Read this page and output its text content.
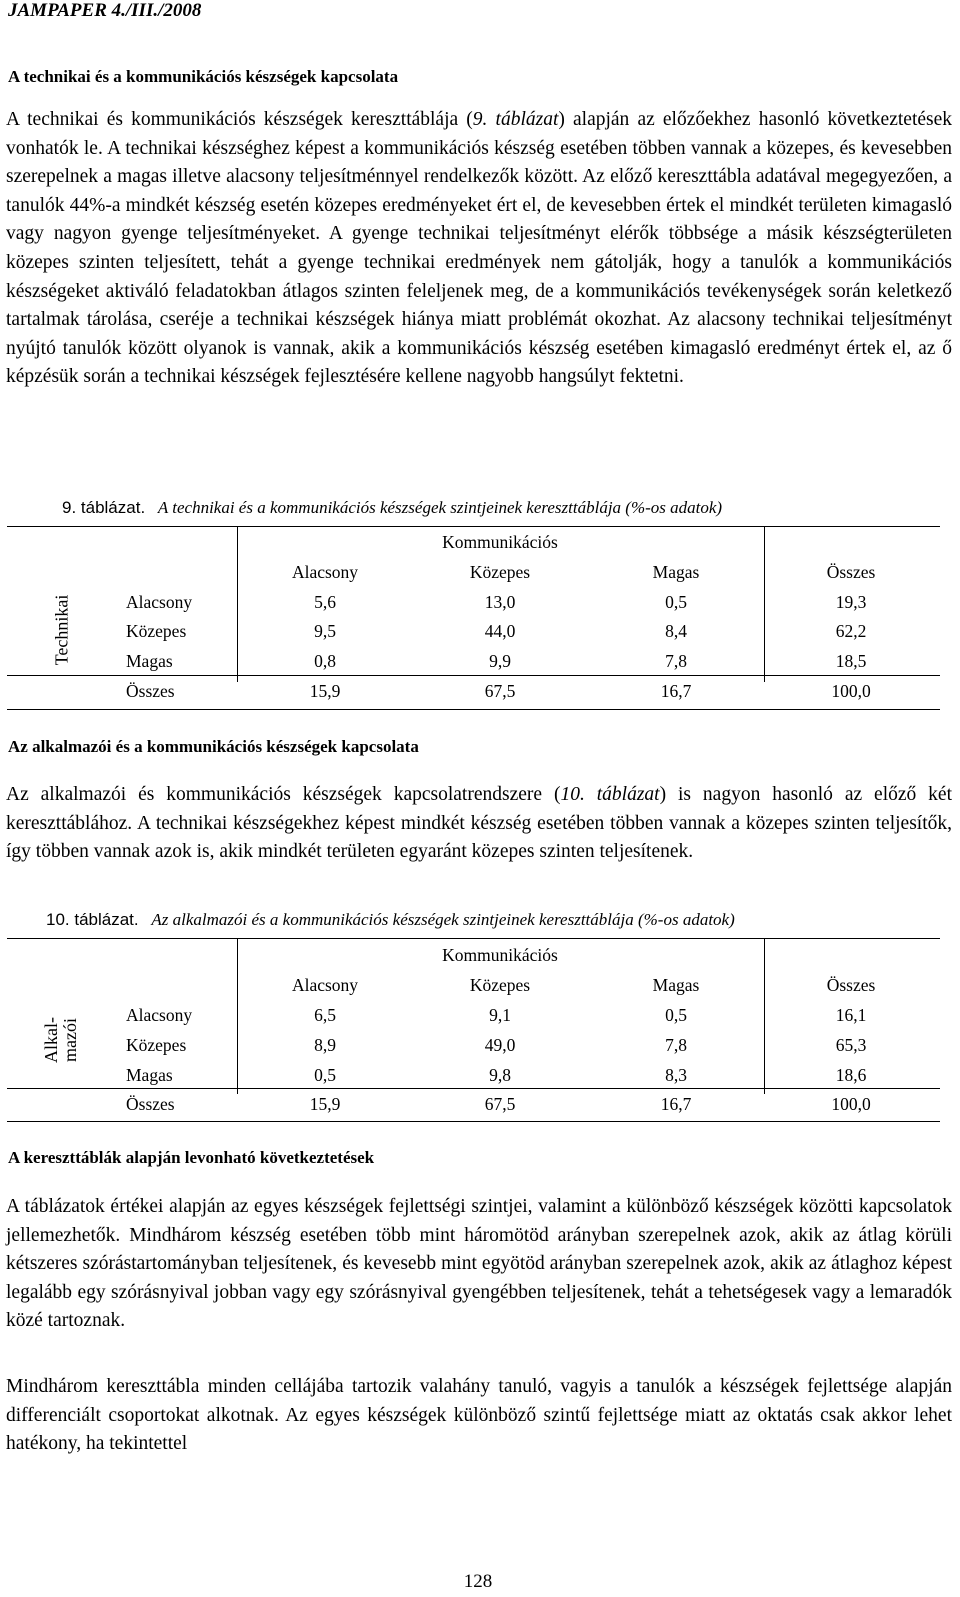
JAMPAPER 4./III./2008
A technikai és a kommunikációs készségek kapcsolata
A technikai és kommunikációs készségek kereszttáblája (9. táblázat) alapján az előzőekhez hasonló következtetések vonhatók le. A technikai készséghez képest a kommunikációs készség esetében többen vannak a közepes, és kevesebben szerepelnek a magas illetve alacsony teljesítménnyel rendelkezők között. Az előző kereszttábla adatával megegyezően, a tanulók 44%-a mindkét készség esetén közepes eredményeket ért el, de kevesebben értek el mindkét területen kimagasló vagy nagyon gyenge teljesítményeket. A gyenge technikai teljesítményt elérők többsége a másik készségterületen közepes szinten teljesített, tehát a gyenge technikai eredmények nem gátolják, hogy a tanulók a kommunikációs készségeket aktiváló feladatokban átlagos szinten feleljenek meg, de a kommunikációs tevékenységek során keletkező tartalmak tárolása, cseréje a technikai készségek hiánya miatt problémát okozhat. Az alacsony technikai teljesítményt nyújtó tanulók között olyanok is vannak, akik a kommunikációs készség esetében kimagasló eredményt értek el, az ő képzésük során a technikai készségek fejlesztésére kellene nagyobb hangsúlyt fektetni.
9. táblázat. A technikai és a kommunikációs készségek szintjeinek kereszttáblája (%-os adatok)
Kommunikációs
Alacsony	Közepes	Magas	Összes
Technikai	Alacsony	5,6	13,0	0,5	19,3
Közepes	9,5	44,0	8,4	62,2
Magas	0,8	9,9	7,8	18,5
Összes	15,9	67,5	16,7	100,0
Az alkalmazói és a kommunikációs készségek kapcsolata
Az alkalmazói és kommunikációs készségek kapcsolatrendszere (10. táblázat) is nagyon hasonló az előző két kereszttáblához. A technikai készségekhez képest mindkét készség esetében többen vannak a közepes szinten teljesítők, így többen vannak azok is, akik mindkét területen egyaránt közepes szinten teljesítenek.
10. táblázat. Az alkalmazói és a kommunikációs készségek szintjeinek kereszttáblája (%-os adatok)
Kommunikációs
Alacsony	Közepes	Magas	Összes
Alkal-
mazói
Alacsony	6,5	9,1	0,5	16,1
Közepes	8,9	49,0	7,8	65,3
Magas	0,5	9,8	8,3	18,6
Összes	15,9	67,5	16,7	100,0
A kereszttáblák alapján levonható következtetések
A táblázatok értékei alapján az egyes készségek fejlettségi szintjei, valamint a különböző készségek közötti kapcsolatok jellemezhetők. Mindhárom készség esetében több mint háromötöd arányban szerepelnek azok, akik az átlag körüli kétszeres szórástartományban teljesítenek, és kevesebb mint egyötöd arányban szerepelnek azok, akik az átlaghoz képest legalább egy szórásnyival jobban vagy egy szórásnyival gyengébben teljesítenek, tehát a tehetségesek vagy a lemaradók közé tartoznak.
Mindhárom kereszttábla minden cellájába tartozik valahány tanuló, vagyis a tanulók a készségek fejlettsége alapján differenciált csoportokat alkotnak. Az egyes készségek különböző szintű fejlettsége miatt az oktatás csak akkor lehet hatékony, ha tekintettel
128
